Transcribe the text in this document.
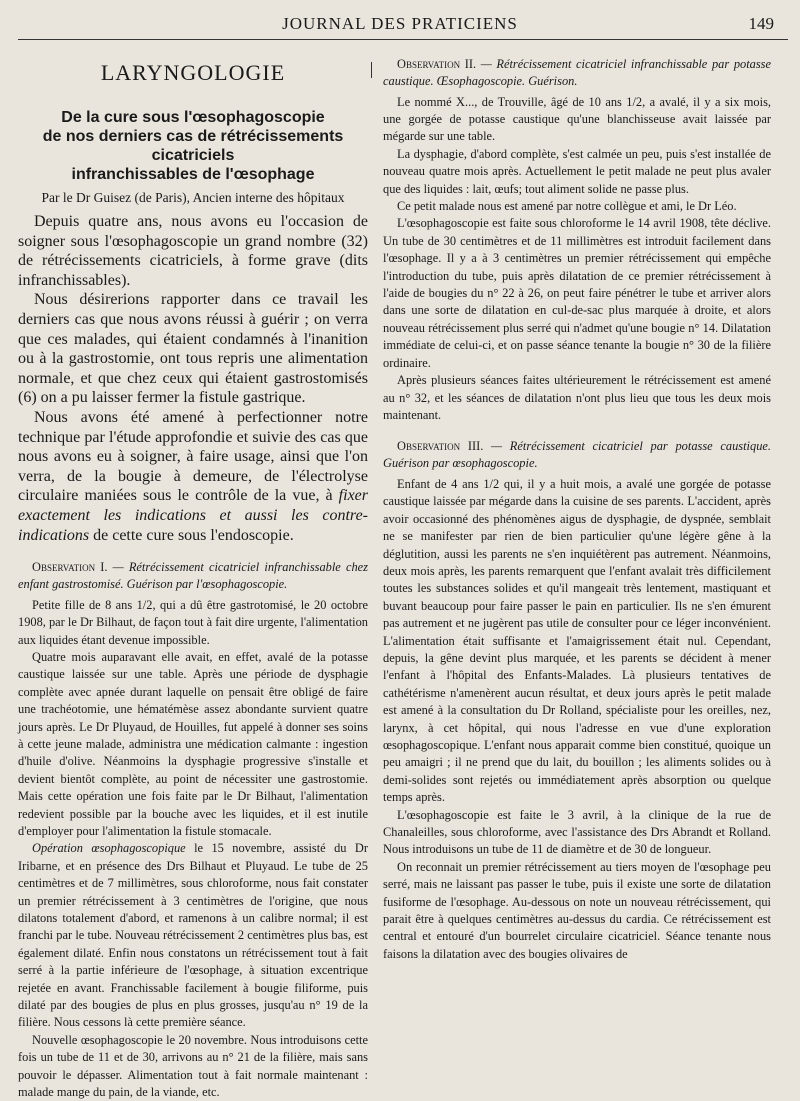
JOURNAL DES PRATICIENS	149
LARYNGOLOGIE
De la cure sous l'œsophagoscopie
de nos derniers cas de rétrécissements cicatriciels
infranchissables de l'œsophage
Par le Dr Guisez (de Paris), Ancien interne des hôpitaux

Depuis quatre ans, nous avons eu l'occasion de soigner sous l'œsophagoscopie un grand nombre (32) de rétrécissements cicatriciels, à forme grave (dits infranchissables).

Nous désirerions rapporter dans ce travail les derniers cas que nous avons réussi à guérir ; on verra que ces malades, qui étaient condamnés à l'inanition ou à la gastrostomie, ont tous repris une alimentation normale, et que chez ceux qui étaient gastrostomisés (6) on a pu laisser fermer la fistule gastrique.

Nous avons été amené à perfectionner notre technique par l'étude approfondie et suivie des cas que nous avons eu à soigner, à faire usage, ainsi que l'on verra, de la bougie à demeure, de l'électrolyse circulaire maniées sous le contrôle de la vue, à fixer exactement les indications et aussi les contre-indications de cette cure sous l'endoscopie.

Observation I. — Rétrécissement cicatriciel infranchissable chez enfant gastrostomisé. Guérison par l'œsophagoscopie.

Petite fille de 8 ans 1/2, qui a dû être gastrotomisé, le 20 octobre 1908, par le Dr Bilhaut, de façon tout à fait dire urgente, l'alimentation aux liquides étant devenue impossible.

Quatre mois auparavant elle avait, en effet, avalé de la potasse caustique laissée sur une table. Après une période de dysphagie complète avec apnée durant laquelle on pensait être obligé de faire une trachéotomie, une hématémèse assez abondante survient quatre jours après. Le Dr Pluyaud, de Houilles, fut appelé à donner ses soins à cette jeune malade, administra une médication calmante : ingestion d'huile d'olive. Néanmoins la dysphagie progressive s'installe et devient bientôt complète, au point de nécessiter une gastrostomie. Mais cette opération une fois faite par le Dr Bilhaut, l'alimentation redevient possible par la bouche avec les liquides, et il est inutile d'employer pour l'alimentation la fistule stomacale.

Opération œsophagoscopique le 15 novembre, assisté du Dr Iribarne, et en présence des Drs Bilhaut et Pluyaud. Le tube de 25 centimètres et de 7 millimètres, sous chloroforme, nous fait constater un premier rétrécissement à 3 centimètres de l'origine, que nous dilatons totalement d'abord, et ramenons à un calibre normal; il est franchi par le tube. Nouveau rétrécissement 2 centimètres plus bas, est également dilaté. Enfin nous constatons un rétrécissement tout à fait serré à la partie inférieure de l'œsophage, à situation excentrique rejetée en avant. Franchissable facilement à bougie filiforme, puis dilaté par des bougies de plus en plus grosses, jusqu'au n° 19 de la filière. Nous cessons là cette première séance.

Nouvelle œsophagoscopie le 20 novembre. Nous introduisons cette fois un tube de 11 et de 30, arrivons au n° 21 de la filière, mais sans pouvoir le dépasser. Alimentation tout à fait normale maintenant : malade mange du pain, de la viande, etc.

Observation II. — Rétrécissement cicatriciel infranchissable par potasse caustique. Œsophagoscopie. Guérison.

Le nommé X..., de Trouville, âgé de 10 ans 1/2, a avalé, il y a six mois, une gorgée de potasse caustique qu'une blanchisseuse avait laissée par mégarde sur une table.

La dysphagie, d'abord complète, s'est calmée un peu, puis s'est installée de nouveau quatre mois après. Actuellement le petit malade ne peut plus avaler que des liquides : lait, œufs; tout aliment solide ne passe plus.

Ce petit malade nous est amené par notre collègue et ami, le Dr Léo.

L'œsophagoscopie est faite sous chloroforme le 14 avril 1908, tête déclive. Un tube de 30 centimètres et de 11 millimètres est introduit facilement dans l'œsophage. Il y a à 3 centimètres un premier rétrécissement qui empêche l'introduction du tube, puis après dilatation de ce premier rétrécissement à l'aide de bougies du n° 22 à 26, on peut faire pénétrer le tube et arriver alors dans une sorte de dilatation en cul-de-sac plus marquée à droite, et alors nouveau rétrécissement plus serré qui n'admet qu'une bougie n° 14. Dilatation immédiate de celui-ci, et on passe séance tenante la bougie n° 30 de la filière ordinaire.

Après plusieurs séances faites ultérieurement le rétrécissement est amené au n° 32, et les séances de dilatation n'ont plus lieu que tous les deux mois maintenant.

Observation III. — Rétrécissement cicatriciel par potasse caustique. Guérison par œsophagoscopie.

Enfant de 4 ans 1/2 qui, il y a huit mois, a avalé une gorgée de potasse caustique laissée par mégarde dans la cuisine de ses parents. L'accident, après avoir occasionné des phénomènes aigus de dysphagie, de dyspnée, semblait ne se manifester par rien de bien particulier qu'une légère gêne à la déglutition, aussi les parents ne s'en inquiétèrent pas autrement. Néanmoins, deux mois après, les parents remarquent que l'enfant avalait très difficilement toutes les substances solides et qu'il mangeait très lentement, mastiquant et buvant beaucoup pour faire passer le pain en particulier. Ils ne s'en émurent pas autrement et ne jugèrent pas utile de consulter pour ce léger inconvénient. L'alimentation était suffisante et l'amaigrissement était nul. Cependant, depuis, la gêne devint plus marquée, et les parents se décident à mener l'enfant à l'hôpital des Enfants-Malades. Là plusieurs tentatives de cathétérisme n'amenèrent aucun résultat, et deux jours après le petit malade est amené à la consultation du Dr Rolland, spécialiste pour les oreilles, nez, larynx, à cet hôpital, qui nous l'adresse en vue d'une exploration œsophagoscopique. L'enfant nous apparait comme bien constitué, quoique un peu amaigri ; il ne prend que du lait, du bouillon ; les aliments solides ou à demi-solides sont rejetés ou immédiatement après absorption ou quelque temps après.

L'œsophagoscopie est faite le 3 avril, à la clinique de la rue de Chanaleilles, sous chloroforme, avec l'assistance des Drs Abrandt et Rolland. Nous introduisons un tube de 11 de diamètre et de 30 de longueur.

On reconnait un premier rétrécissement au tiers moyen de l'œsophage peu serré, mais ne laissant pas passer le tube, puis il existe une sorte de dilatation fusiforme de l'œsophage. Au-dessous on note un nouveau rétrécissement, qui parait être à quelques centimètres au-dessus du cardia. Ce rétrécissement est central et entouré d'un bourrelet circulaire cicatriciel. Séance tenante nous faisons la dilatation avec des bougies olivaires de
